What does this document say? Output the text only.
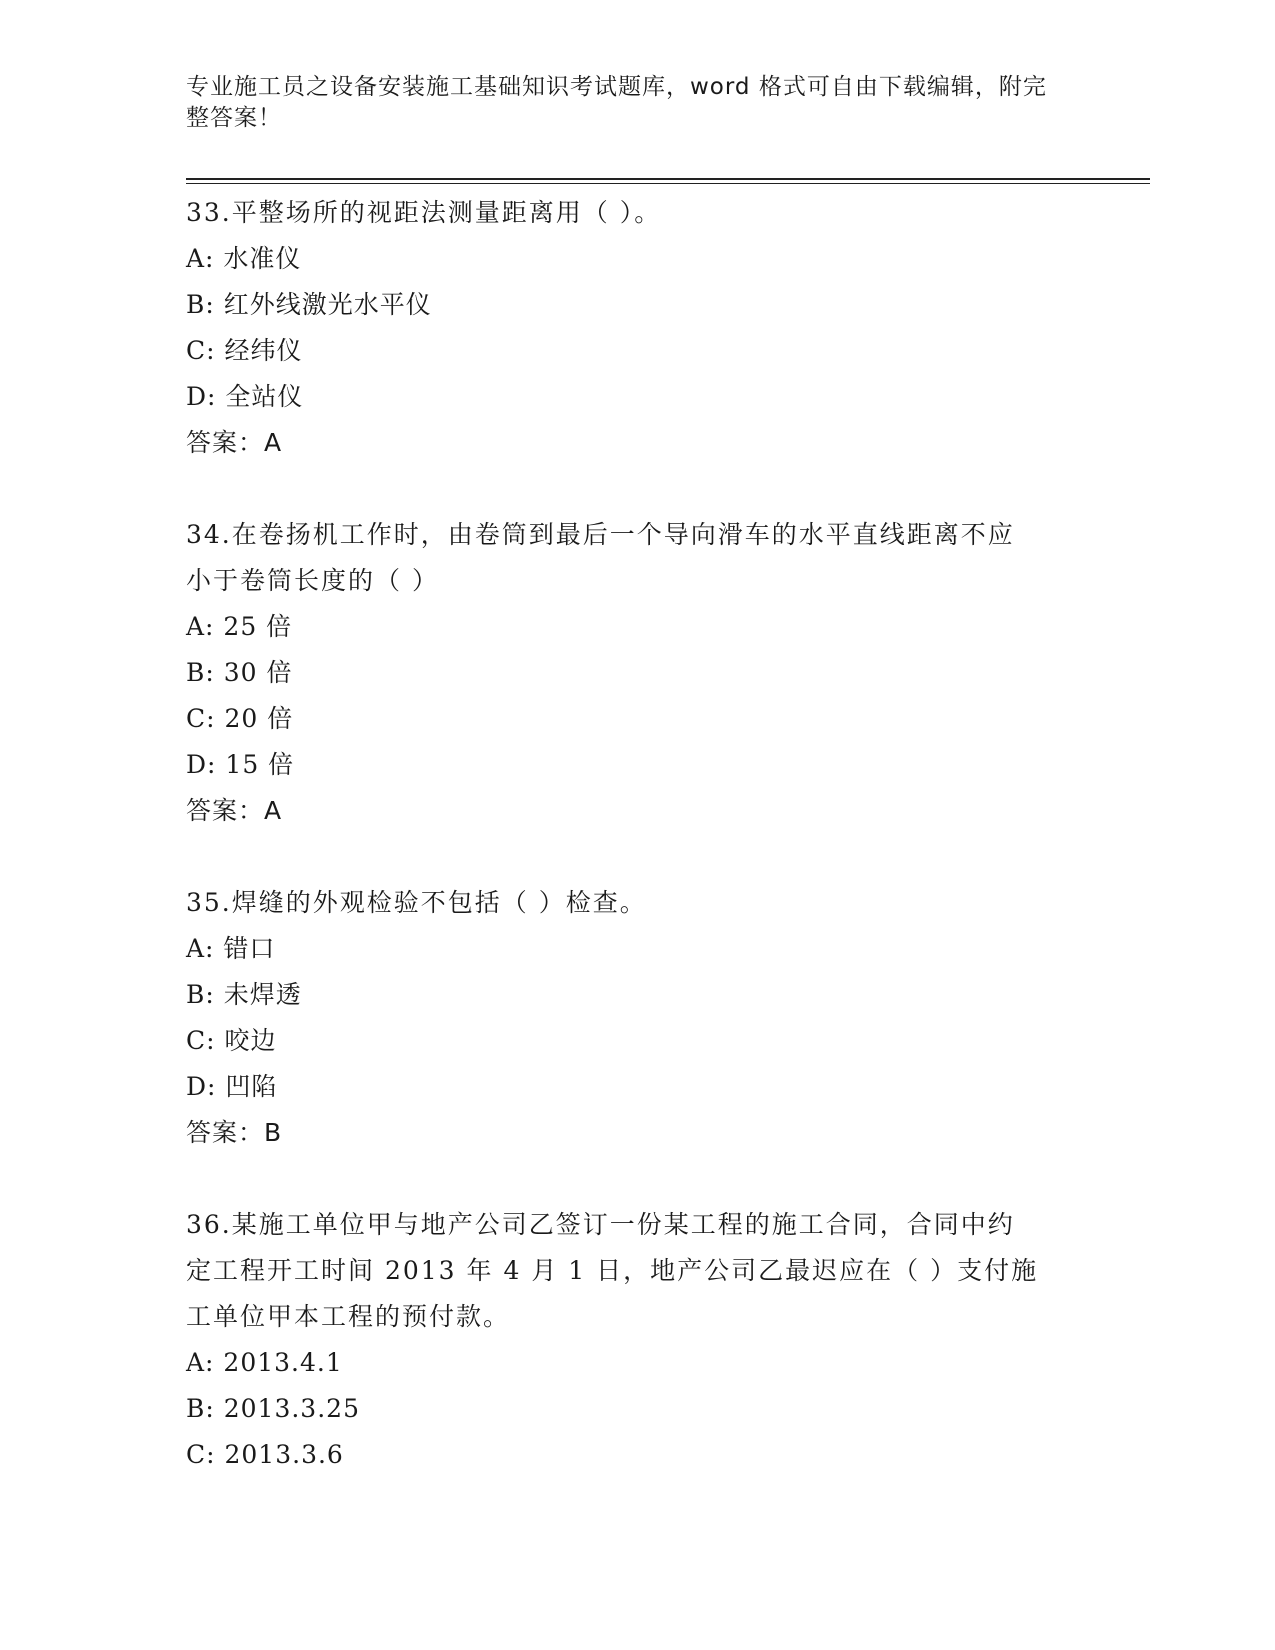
专业施工员之设备安装施工基础知识考试题库，word 格式可自由下载编辑，附完
整答案！
33.平整场所的视距法测量距离用（ ）。
A: 水准仪
B: 红外线激光水平仪
C: 经纬仪
D: 全站仪
答案：A
34.在卷扬机工作时，由卷筒到最后一个导向滑车的水平直线距离不应
小于卷筒长度的（ ）
A: 25 倍
B: 30 倍
C: 20 倍
D: 15 倍
答案：A
35.焊缝的外观检验不包括（ ）检查。
A: 错口
B: 未焊透
C: 咬边
D: 凹陷
答案：B
36.某施工单位甲与地产公司乙签订一份某工程的施工合同，合同中约
定工程开工时间 2013 年 4 月 1 日，地产公司乙最迟应在（ ）支付施
工单位甲本工程的预付款。
A: 2013.4.1
B: 2013.3.25
C: 2013.3.6
